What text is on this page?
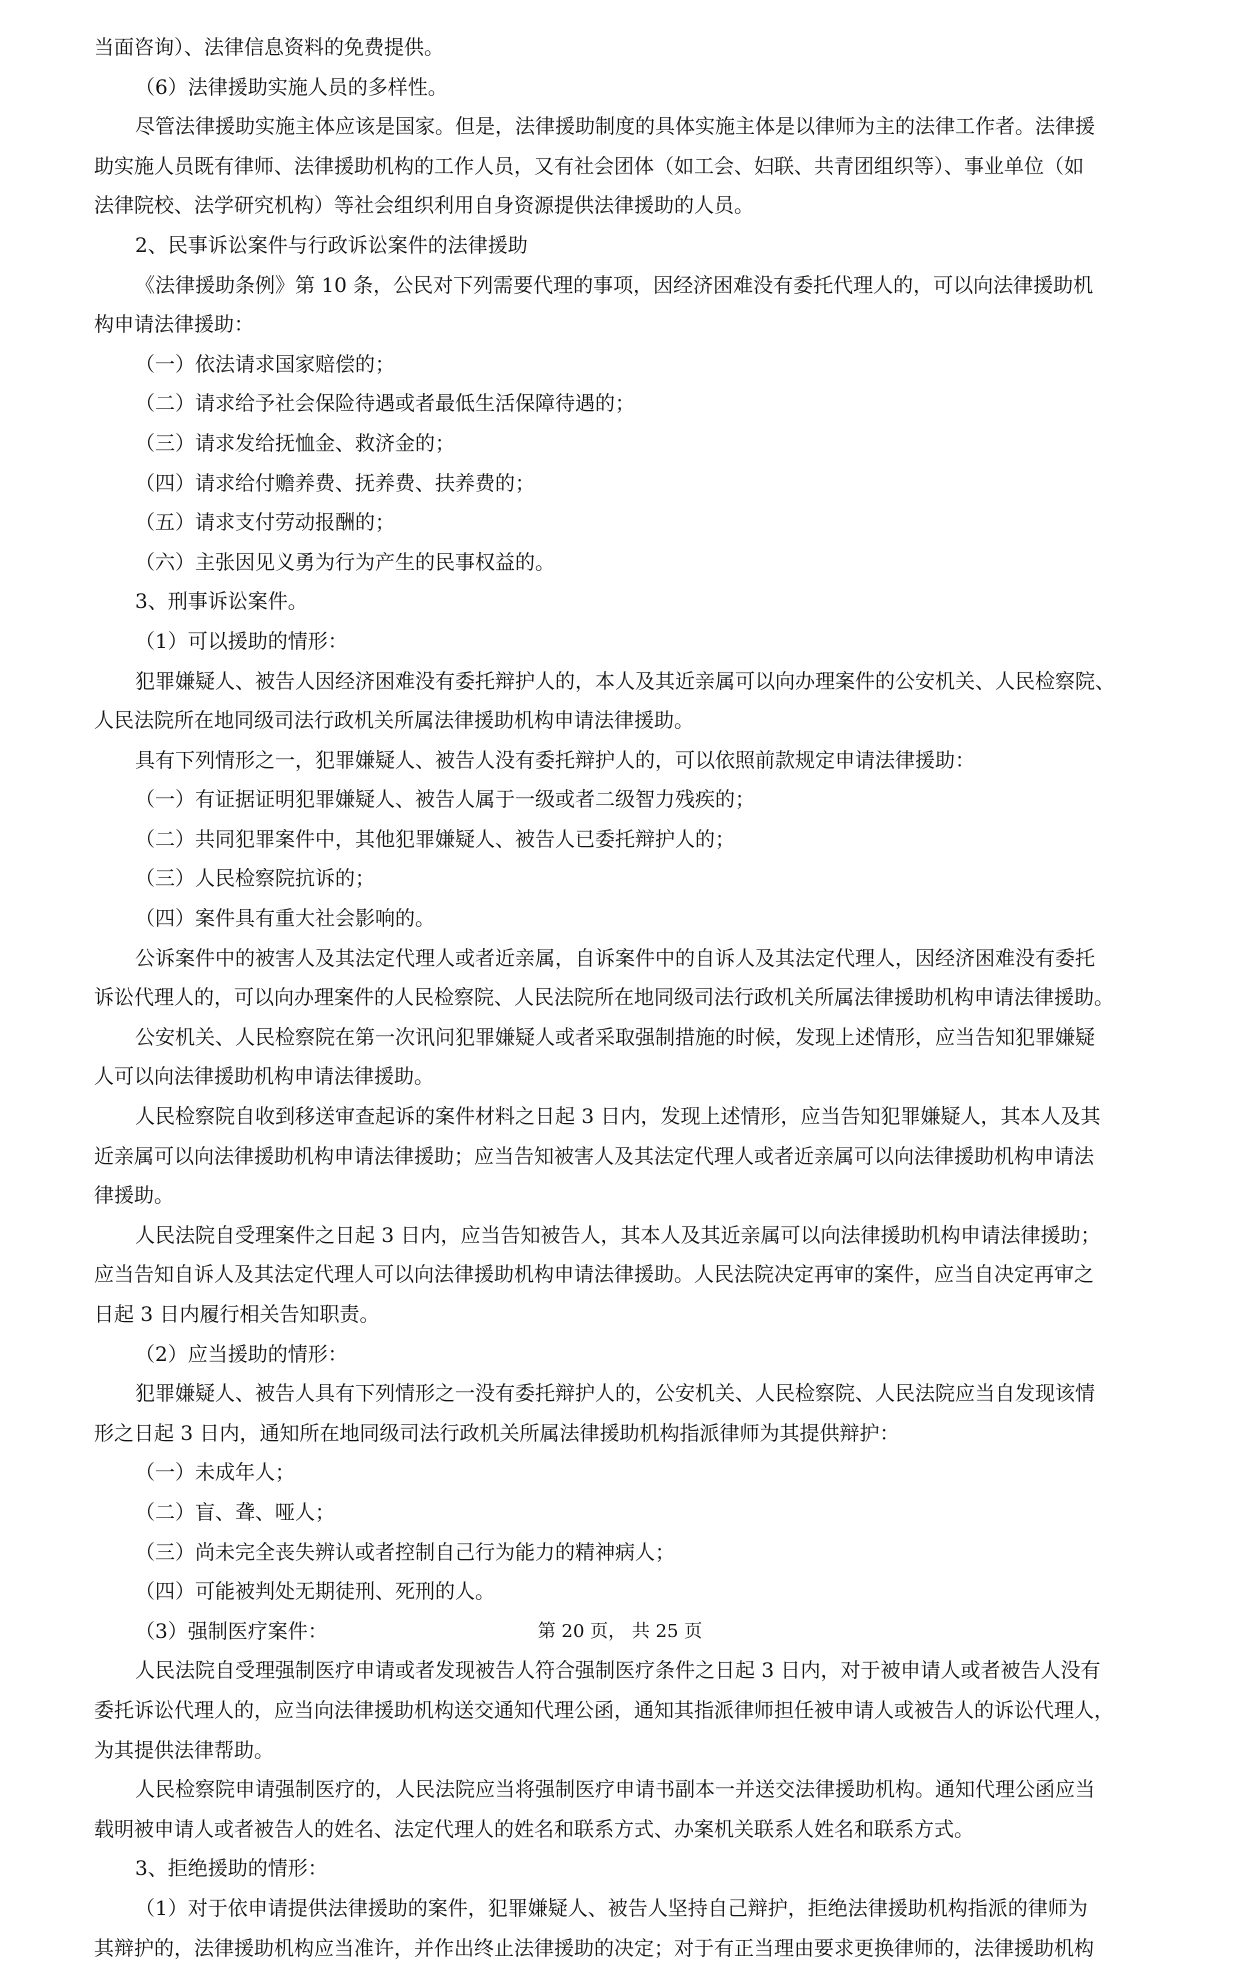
当面咨询）、法律信息资料的免费提供。

（6）法律援助实施人员的多样性。

尽管法律援助实施主体应该是国家。但是，法律援助制度的具体实施主体是以律师为主的法律工作者。法律援

助实施人员既有律师、法律援助机构的工作人员，又有社会团体（如工会、妇联、共青团组织等）、事业单位（如

法律院校、法学研究机构）等社会组织利用自身资源提供法律援助的人员。

2、民事诉讼案件与行政诉讼案件的法律援助

《法律援助条例》第 10 条，公民对下列需要代理的事项，因经济困难没有委托代理人的，可以向法律援助机

构申请法律援助：

（一）依法请求国家赔偿的；

（二）请求给予社会保险待遇或者最低生活保障待遇的；

（三）请求发给抚恤金、救济金的；

（四）请求给付赡养费、抚养费、扶养费的；

（五）请求支付劳动报酬的；

（六）主张因见义勇为行为产生的民事权益的。

3、刑事诉讼案件。

（1）可以援助的情形：

犯罪嫌疑人、被告人因经济困难没有委托辩护人的，本人及其近亲属可以向办理案件的公安机关、人民检察院、

人民法院所在地同级司法行政机关所属法律援助机构申请法律援助。

具有下列情形之一，犯罪嫌疑人、被告人没有委托辩护人的，可以依照前款规定申请法律援助：

（一）有证据证明犯罪嫌疑人、被告人属于一级或者二级智力残疾的；

（二）共同犯罪案件中，其他犯罪嫌疑人、被告人已委托辩护人的；

（三）人民检察院抗诉的；

（四）案件具有重大社会影响的。

公诉案件中的被害人及其法定代理人或者近亲属，自诉案件中的自诉人及其法定代理人，因经济困难没有委托

诉讼代理人的，可以向办理案件的人民检察院、人民法院所在地同级司法行政机关所属法律援助机构申请法律援助。

公安机关、人民检察院在第一次讯问犯罪嫌疑人或者采取强制措施的时候，发现上述情形，应当告知犯罪嫌疑

人可以向法律援助机构申请法律援助。

人民检察院自收到移送审查起诉的案件材料之日起 3 日内，发现上述情形，应当告知犯罪嫌疑人，其本人及其

近亲属可以向法律援助机构申请法律援助；应当告知被害人及其法定代理人或者近亲属可以向法律援助机构申请法

律援助。

人民法院自受理案件之日起 3 日内，应当告知被告人，其本人及其近亲属可以向法律援助机构申请法律援助；

应当告知自诉人及其法定代理人可以向法律援助机构申请法律援助。人民法院决定再审的案件，应当自决定再审之

日起 3 日内履行相关告知职责。

（2）应当援助的情形：

犯罪嫌疑人、被告人具有下列情形之一没有委托辩护人的，公安机关、人民检察院、人民法院应当自发现该情

形之日起 3 日内，通知所在地同级司法行政机关所属法律援助机构指派律师为其提供辩护：

（一）未成年人；

（二）盲、聋、哑人；

（三）尚未完全丧失辨认或者控制自己行为能力的精神病人；

（四）可能被判处无期徒刑、死刑的人。

（3）强制医疗案件：

人民法院自受理强制医疗申请或者发现被告人符合强制医疗条件之日起 3 日内，对于被申请人或者被告人没有

委托诉讼代理人的，应当向法律援助机构送交通知代理公函，通知其指派律师担任被申请人或被告人的诉讼代理人，

为其提供法律帮助。

人民检察院申请强制医疗的，人民法院应当将强制医疗申请书副本一并送交法律援助机构。通知代理公函应当

载明被申请人或者被告人的姓名、法定代理人的姓名和联系方式、办案机关联系人姓名和联系方式。

3、拒绝援助的情形：

（1）对于依申请提供法律援助的案件，犯罪嫌疑人、被告人坚持自己辩护，拒绝法律援助机构指派的律师为

其辩护的，法律援助机构应当准许，并作出终止法律援助的决定；对于有正当理由要求更换律师的，法律援助机构

第 20 页， 共 25 页
